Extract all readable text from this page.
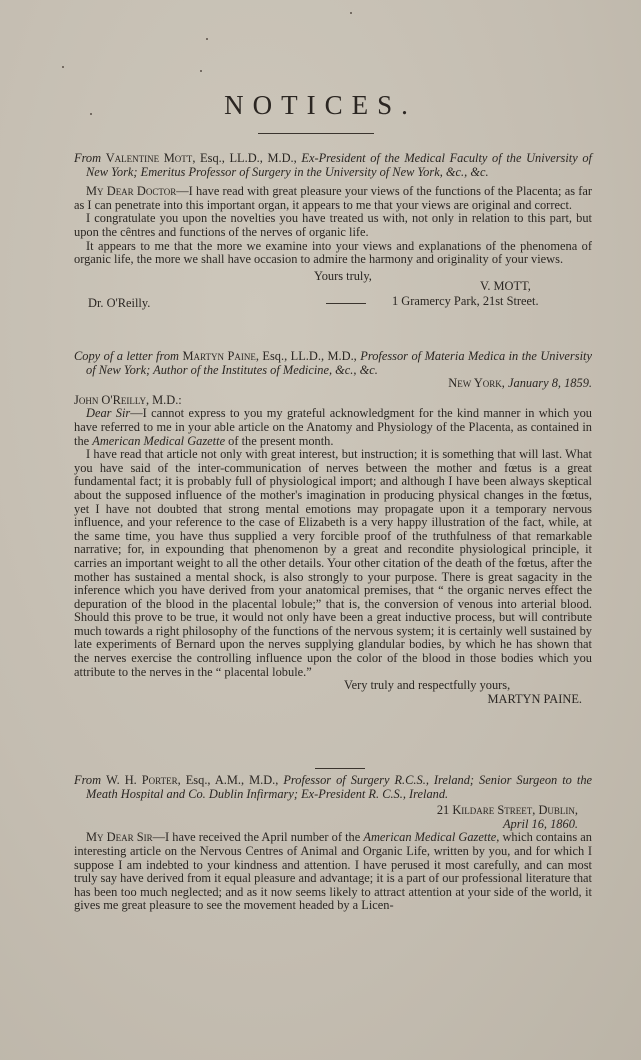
NOTICES.

From Valentine Mott, Esq., LL.D., M.D., Ex-President of the Medical Faculty of the University of New York; Emeritus Professor of Surgery in the University of New York, &c., &c.

My Dear Doctor—I have read with great pleasure your views of the functions of the Placenta; as far as I can penetrate into this important organ, it appears to me that your views are original and correct.

I congratulate you upon the novelties you have treated us with, not only in relation to this part, but upon the cêntres and functions of the nerves of organic life.

It appears to me that the more we examine into your views and explanations of the phenomena of organic life, the more we shall have occasion to admire the harmony and originality of your views.

Yours truly,
V. MOTT,
Dr. O'Reilly.	1 Gramercy Park, 21st Street.

Copy of a letter from Martyn Paine, Esq., LL.D., M.D., Professor of Materia Medica in the University of New York; Author of the Institutes of Medicine, &c., &c.

New York, January 8, 1859.

John O'Reilly, M.D.:

Dear Sir—I cannot express to you my grateful acknowledgment for the kind manner in which you have referred to me in your able article on the Anatomy and Physiology of the Placenta, as contained in the American Medical Gazette of the present month.

I have read that article not only with great interest, but instruction; it is something that will last. What you have said of the inter-communication of nerves between the mother and fœtus is a great fundamental fact; it is probably full of physiological import; and although I have been always skeptical about the supposed influence of the mother's imagination in producing physical changes in the fœtus, yet I have not doubted that strong mental emotions may propagate upon it a temporary nervous influence, and your reference to the case of Elizabeth is a very happy illustration of the fact, while, at the same time, you have thus supplied a very forcible proof of the truthfulness of that remarkable narrative; for, in expounding that phenomenon by a great and recondite physiological principle, it carries an important weight to all the other details. Your other citation of the death of the fœtus, after the mother has sustained a mental shock, is also strongly to your purpose. There is great sagacity in the inference which you have derived from your anatomical premises, that “ the organic nerves effect the depuration of the blood in the placental lobule;” that is, the conversion of venous into arterial blood. Should this prove to be true, it would not only have been a great inductive process, but will contribute much towards a right philosophy of the functions of the nervous system; it is certainly well sustained by late experiments of Bernard upon the nerves supplying glandular bodies, by which he has shown that the nerves exercise the controlling influence upon the color of the blood in those bodies which you attribute to the nerves in the “ placental lobule.”

Very truly and respectfully yours,

MARTYN PAINE.

From W. H. Porter, Esq., A.M., M.D., Professor of Surgery R.C.S., Ireland; Senior Surgeon to the Meath Hospital and Co. Dublin Infirmary; Ex-President R. C.S., Ireland.

21 Kildare Street, Dublin,

April 16, 1860.

My Dear Sir—I have received the April number of the American Medical Gazette, which contains an interesting article on the Nervous Centres of Animal and Organic Life, written by you, and for which I suppose I am indebted to your kindness and attention. I have perused it most carefully, and can most truly say have derived from it equal pleasure and advantage; it is a part of our professional literature that has been too much neglected; and as it now seems likely to attract attention at your side of the world, it gives me great pleasure to see the movement headed by a Licen-
